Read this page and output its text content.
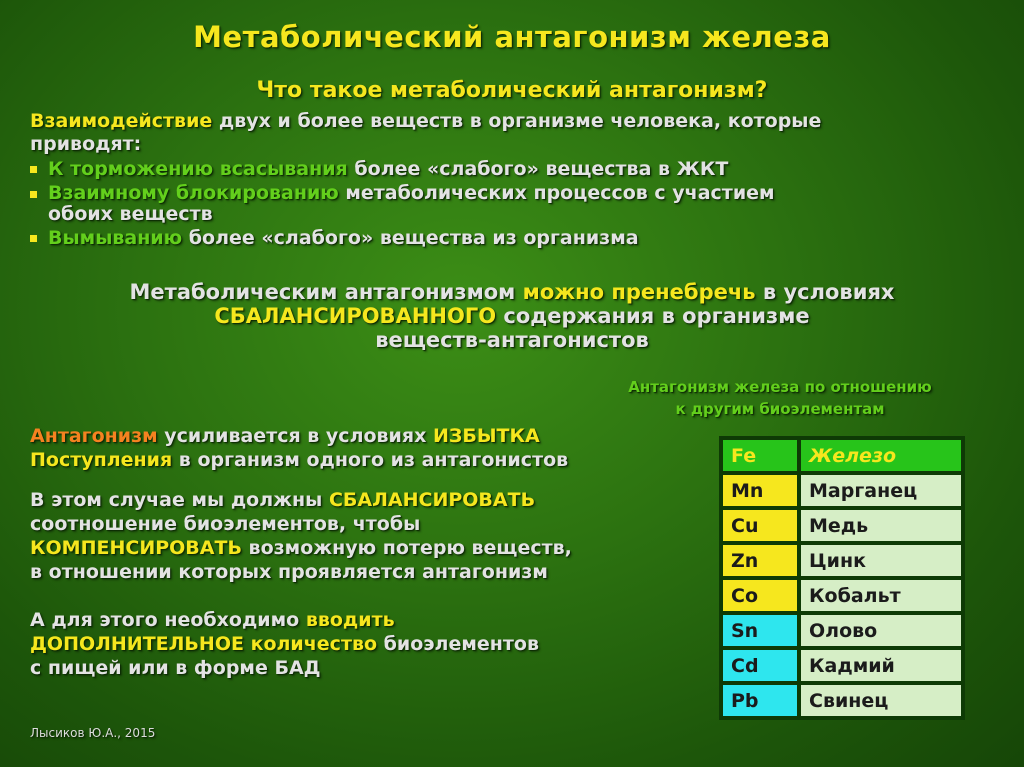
Метаболический антагонизм железа
Что такое метаболический антагонизм?

Взаимодействие двух и более веществ в организме человека, которые

приводят:

К торможению всасывания более «слабого» вещества в ЖКТ
Взаимному блокированию метаболических процессов с участием
обоих веществ
Вымыванию более «слабого» вещества из организма
Метаболическим антагонизмом можно пренебречь в условиях
СБАЛАНСИРОВАННОГО содержания в организме
веществ-антагонистов
Антагонизм железа по отношению
к другим биоэлементам

Антагонизм усиливается в условиях ИЗБЫТКА
Поступления в организм одного из антагонистов

В этом случае мы должны СБАЛАНСИРОВАТЬ
соотношение биоэлементов, чтобы
КОМПЕНСИРОВАТЬ возможную потерю веществ,
в отношении которых проявляется антагонизм

А для этого необходимо вводить
ДОПОЛНИТЕЛЬНОЕ количество биоэлементов
с пищей или в форме БАД

Лысиков Ю.А., 2015
Fe	Железо
Mn	Марганец
Cu	Медь
Zn	Цинк
Co	Кобальт
Sn	Олово
Cd	Кадмий
Pb	Свинец
